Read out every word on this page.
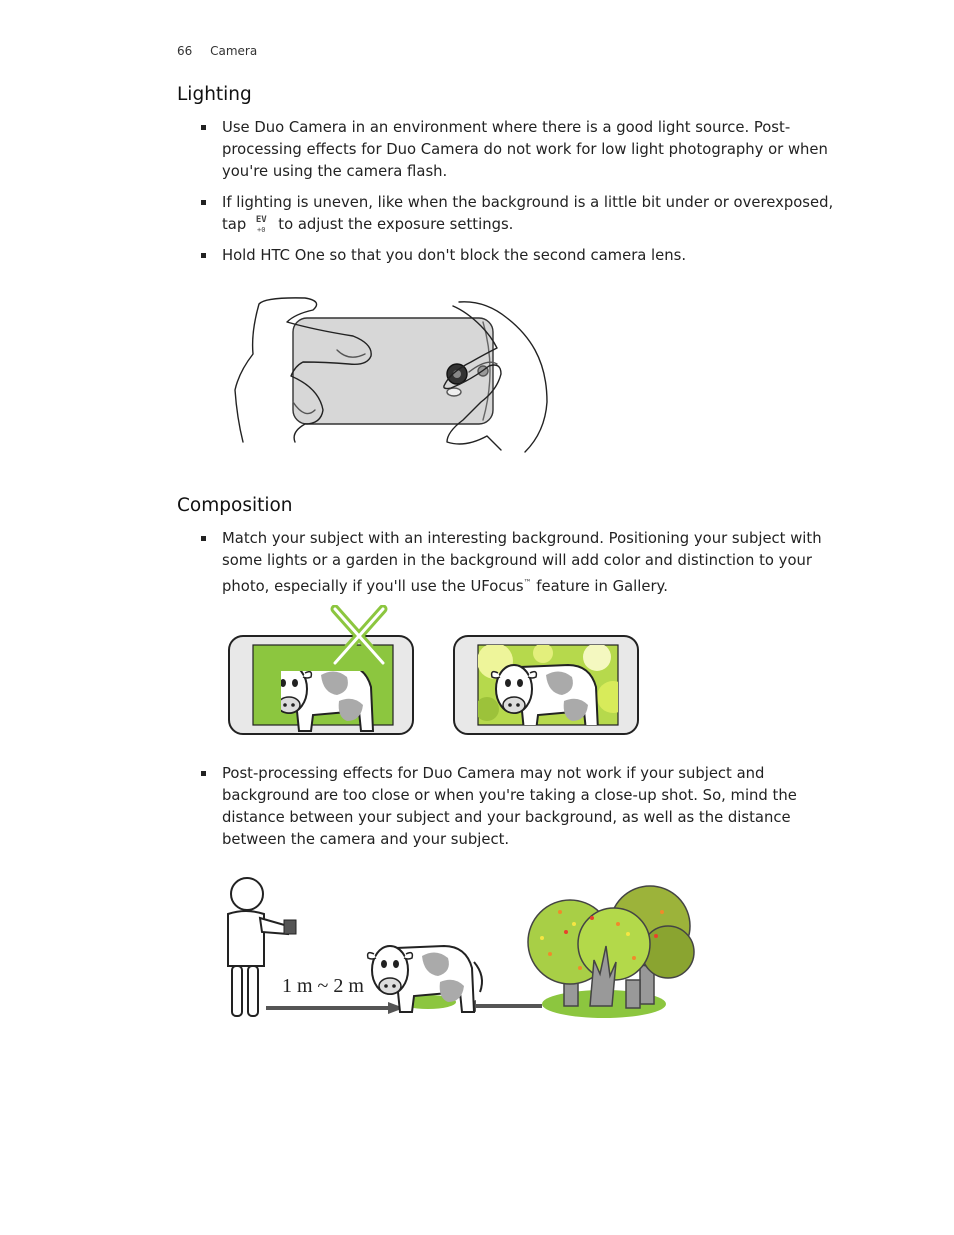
66 Camera
Lighting
Use Duo Camera in an environment where there is a good light source. Post-processing effects for Duo Camera do not work for low light photography or when you're using the camera flash.
If lighting is uneven, like when the background is a little bit under or overexposed, tap EV
+0 to adjust the exposure settings.
Hold HTC One so that you don't block the second camera lens.
Composition
Match your subject with an interesting background. Positioning your subject with some lights or a garden in the background will add color and distinction to your photo, especially if you'll use the UFocus™ feature in Gallery.
Post-processing effects for Duo Camera may not work if your subject and background are too close or when you're taking a close-up shot. So, mind the distance between your subject and your background, as well as the distance between the camera and your subject.
1 m ~ 2 m
